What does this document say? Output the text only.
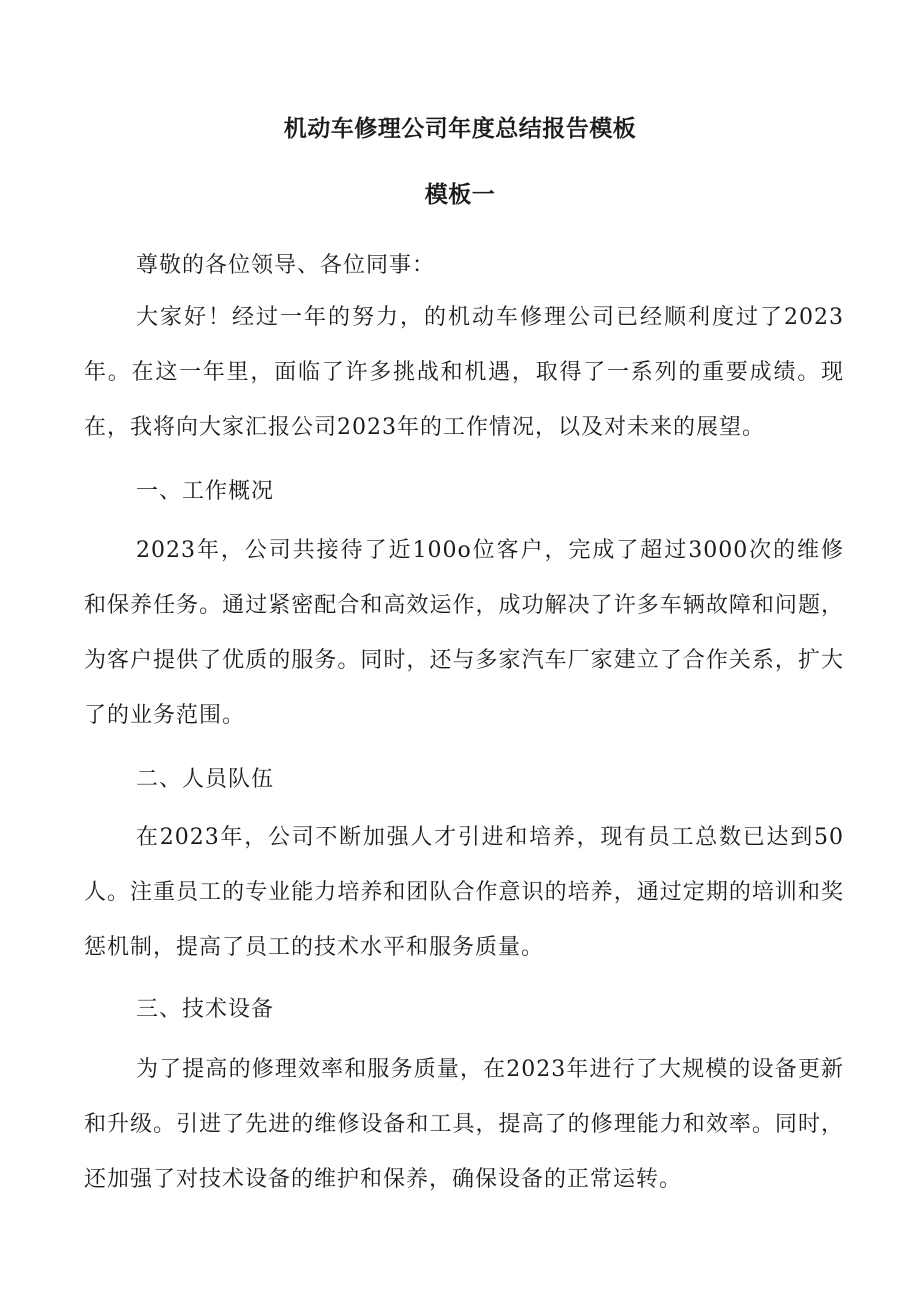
机动车修理公司年度总结报告模板
模板一

尊敬的各位领导、各位同事：

大家好！经过一年的努力，的机动车修理公司已经顺利度过了2023年。在这一年里，面临了许多挑战和机遇，取得了一系列的重要成绩。现在，我将向大家汇报公司2023年的工作情况，以及对未来的展望。

一、工作概况

2023年，公司共接待了近100o位客户，完成了超过3000次的维修和保养任务。通过紧密配合和高效运作，成功解决了许多车辆故障和问题，为客户提供了优质的服务。同时，还与多家汽车厂家建立了合作关系，扩大了的业务范围。

二、人员队伍

在2023年，公司不断加强人才引进和培养，现有员工总数已达到50人。注重员工的专业能力培养和团队合作意识的培养，通过定期的培训和奖惩机制，提高了员工的技术水平和服务质量。

三、技术设备

为了提高的修理效率和服务质量，在2023年进行了大规模的设备更新和升级。引进了先进的维修设备和工具，提高了的修理能力和效率。同时，还加强了对技术设备的维护和保养，确保设备的正常运转。
